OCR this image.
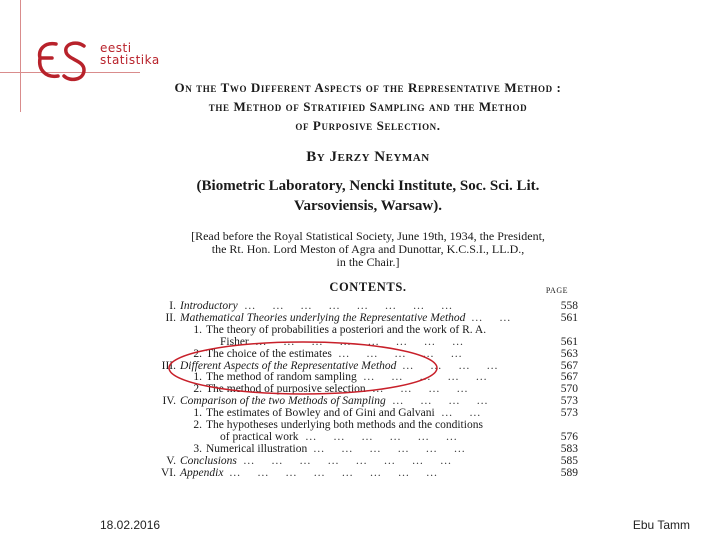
eesti
statistika
On the Two Different Aspects of the Representative Method :
the Method of Stratified Sampling and the Method
of Purposive Selection.
By Jerzy Neyman
(Biometric Laboratory, Nencki Institute, Soc. Sci. Lit.
Varsoviensis, Warsaw).
[Read before the Royal Statistical Society, June 19th, 1934, the President,
the Rt. Hon. Lord Meston of Agra and Dunottar, K.C.S.I., LL.D.,
in the Chair.]
CONTENTS.	PAGE
I. Introductory	558
…   …   …   …   …   …   …   …
II. Mathematical Theories underlying the Representative Method	561
…   …
1. The theory of probabilities a posteriori and the work of R. A.
Fisher	561
…   …   …   …   …   …   …   …
2. The choice of the estimates	563
…   …   …   …   …
III. Different Aspects of the Representative Method	567
…   …   …   …
1. The method of random sampling	567
…   …   …   …   …
2. The method of purposive selection	570
…   …   …   …
IV. Comparison of the two Methods of Sampling	573
…   …   …   …
1. The estimates of Bowley and of Gini and Galvani	573
…   …
2. The hypotheses underlying both methods and the conditions
of practical work	576
…   …   …   …   …   …
3. Numerical illustration	583
…   …   …   …   …   …
V. Conclusions	585
…   …   …   …   …   …   …   …
VI. Appendix	589
…   …   …   …   …   …   …   …
18.02.2016	Ebu Tamm
